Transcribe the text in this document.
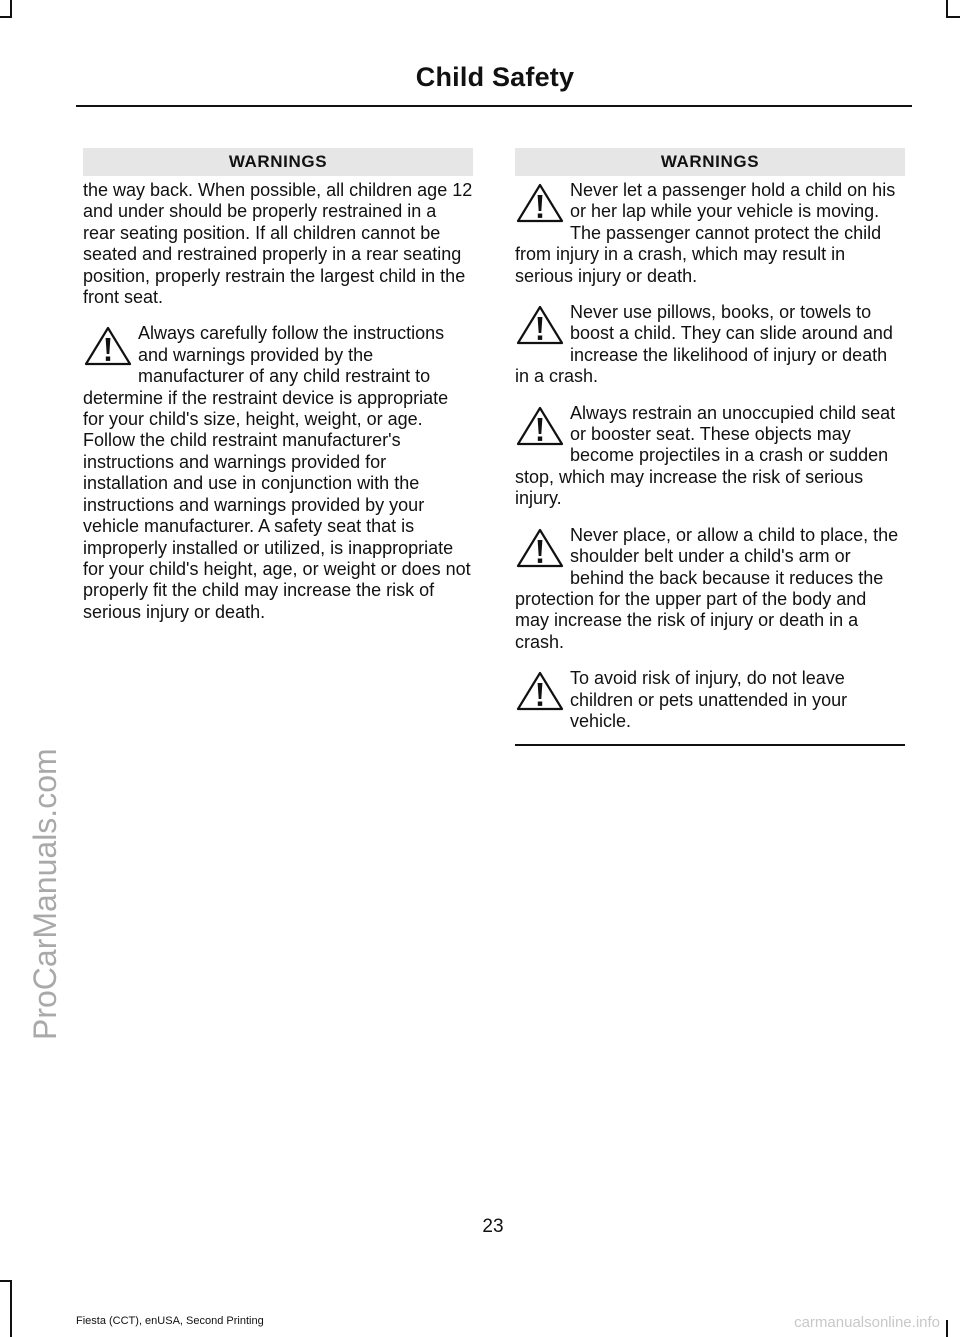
Child Safety
ProCarManuals.com
WARNINGS

the way back. When possible, all children age 12 and under should be properly restrained in a rear seating position. If all children cannot be seated and restrained properly in a rear seating position, properly restrain the largest child in the front seat.

Always carefully follow the instructions and warnings provided by the manufacturer of any child restraint to determine if the restraint device is appropriate for your child's size, height, weight, or age. Follow the child restraint manufacturer's instructions and warnings provided for installation and use in conjunction with the instructions and warnings provided by your vehicle manufacturer. A safety seat that is improperly installed or utilized, is inappropriate for your child's height, age, or weight or does not properly fit the child may increase the risk of serious injury or death.
WARNINGS
Never let a passenger hold a child on his or her lap while your vehicle is moving. The passenger cannot protect the child from injury in a crash, which may result in serious injury or death.
Never use pillows, books, or towels to boost a child. They can slide around and increase the likelihood of injury or death in a crash.
Always restrain an unoccupied child seat or booster seat. These objects may become projectiles in a crash or sudden stop, which may increase the risk of serious injury.
Never place, or allow a child to place, the shoulder belt under a child's arm or behind the back because it reduces the protection for the upper part of the body and may increase the risk of injury or death in a crash.
To avoid risk of injury, do not leave children or pets unattended in your vehicle.
23
Fiesta (CCT), enUSA, Second Printing	carmanualsonline.info
